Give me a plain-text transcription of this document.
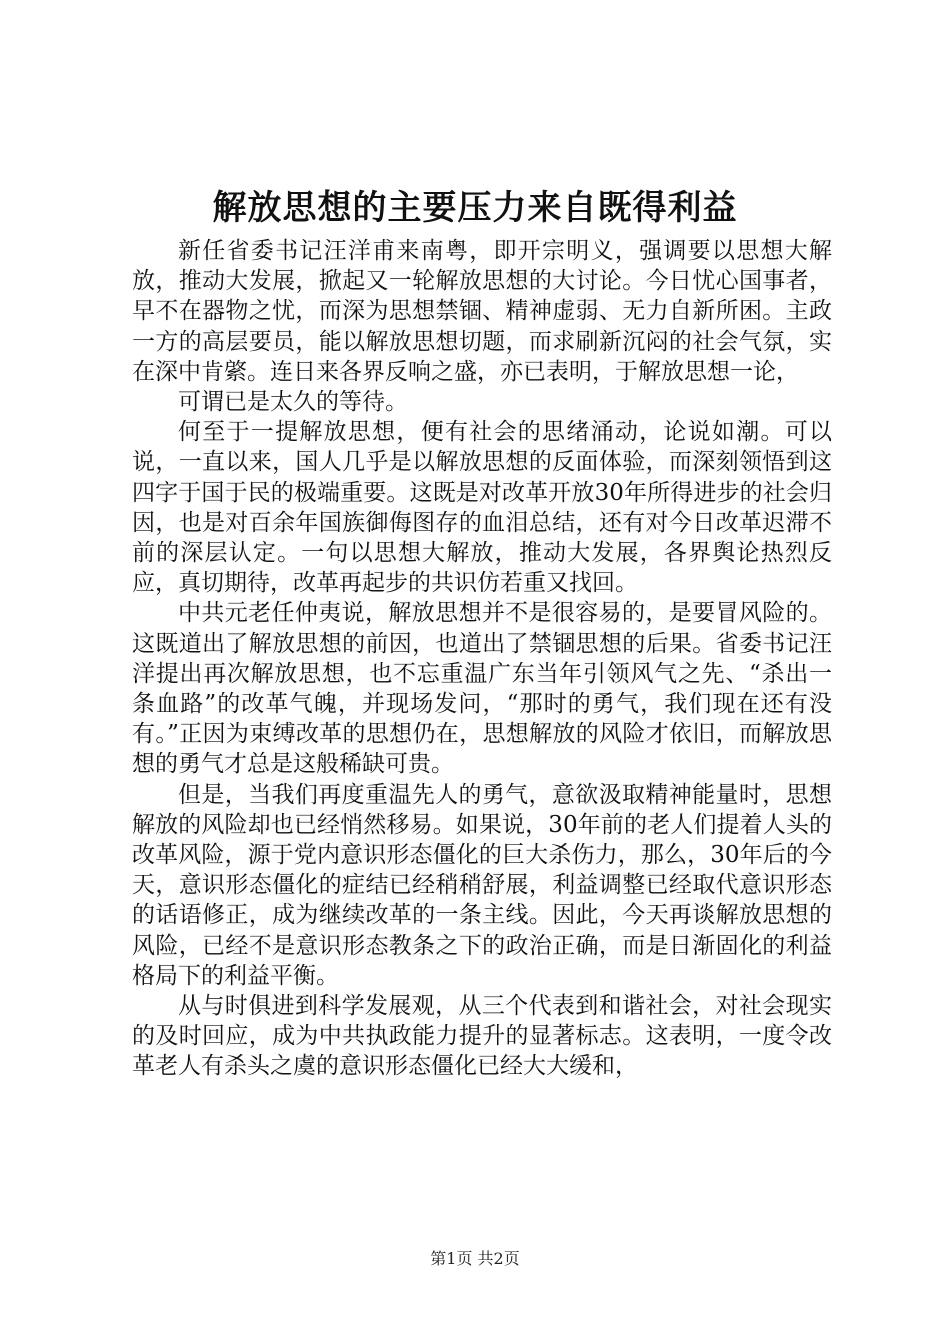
解放思想的主要压力来自既得利益

新任省委书记汪洋甫来南粤，即开宗明义，强调要以思想大解放，推动大发展，掀起又一轮解放思想的大讨论。今日忧心国事者，早不在器物之忧，而深为思想禁锢、精神虚弱、无力自新所困。主政一方的高层要员，能以解放思想切题，而求刷新沉闷的社会气氛，实在深中肯綮。连日来各界反响之盛，亦已表明，于解放思想一论，

可谓已是太久的等待。

何至于一提解放思想，便有社会的思绪涌动，论说如潮。可以说，一直以来，国人几乎是以解放思想的反面体验，而深刻领悟到这四字于国于民的极端重要。这既是对改革开放30年所得进步的社会归因，也是对百余年国族御侮图存的血泪总结，还有对今日改革迟滞不前的深层认定。一句以思想大解放，推动大发展，各界舆论热烈反应，真切期待，改革再起步的共识仿若重又找回。

中共元老任仲夷说，解放思想并不是很容易的，是要冒风险的。这既道出了解放思想的前因，也道出了禁锢思想的后果。省委书记汪洋提出再次解放思想，也不忘重温广东当年引领风气之先、“杀出一条血路”的改革气魄，并现场发问，“那时的勇气，我们现在还有没有。”正因为束缚改革的思想仍在，思想解放的风险才依旧，而解放思想的勇气才总是这般稀缺可贵。

但是，当我们再度重温先人的勇气，意欲汲取精神能量时，思想解放的风险却也已经悄然移易。如果说，30年前的老人们提着人头的改革风险，源于党内意识形态僵化的巨大杀伤力，那么，30年后的今天，意识形态僵化的症结已经稍稍舒展，利益调整已经取代意识形态的话语修正，成为继续改革的一条主线。因此，今天再谈解放思想的风险，已经不是意识形态教条之下的政治正确，而是日渐固化的利益格局下的利益平衡。

从与时俱进到科学发展观，从三个代表到和谐社会，对社会现实的及时回应，成为中共执政能力提升的显著标志。这表明，一度令改革老人有杀头之虞的意识形态僵化已经大大缓和，

第1页 共2页
